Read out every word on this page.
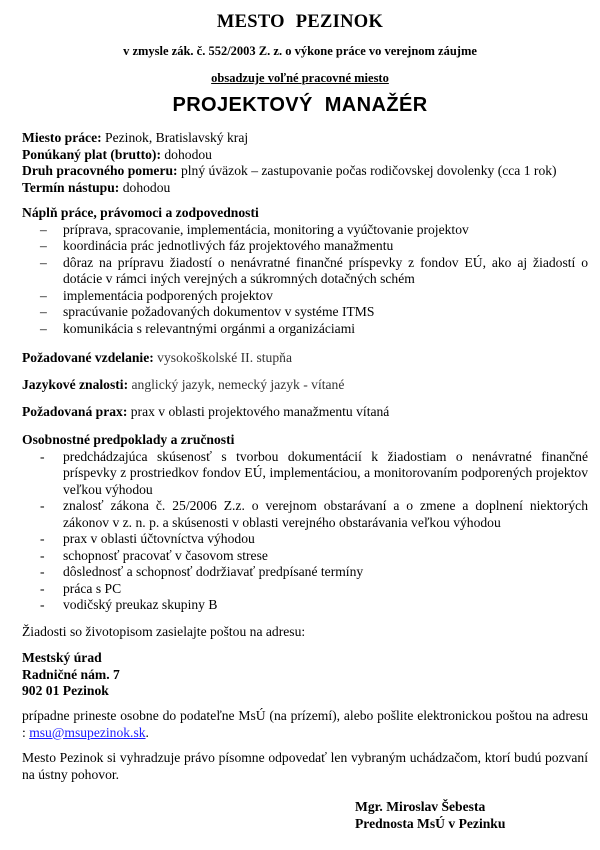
MESTO PEZINOK
v zmysle zák. č. 552/2003 Z. z. o výkone práce vo verejnom záujme
obsadzuje voľné pracovné miesto
PROJEKTOVÝ MANAŽÉR
Miesto práce: Pezinok, Bratislavský kraj
Ponúkaný plat (brutto): dohodou
Druh pracovného pomeru: plný úväzok – zastupovanie počas rodičovskej dovolenky (cca 1 rok)
Termín nástupu: dohodou
Náplň práce, právomoci a zodpovednosti
– príprava, spracovanie, implementácia, monitoring a vyúčtovanie projektov
– koordinácia prác jednotlivých fáz projektového manažmentu
– dôraz na prípravu žiadostí o nenávratné finančné príspevky z fondov EÚ, ako aj žiadostí o dotácie v rámci iných verejných a súkromných dotačných schém
– implementácia podporených projektov
– spracúvanie požadovaných dokumentov v systéme ITMS
– komunikácia s relevantnými orgánmi a organizáciami
Požadované vzdelanie: vysokoškolské II. stupňa
Jazykové znalosti: anglický jazyk, nemecký jazyk - vítané
Požadovaná prax: prax v oblasti projektového manažmentu vítaná
Osobnostné predpoklady a zručnosti
- predchádzajúca skúsenosť s tvorbou dokumentácií k žiadostiam o nenávratné finančné príspevky z prostriedkov fondov EÚ, implementáciou, a monitorovaním podporených projektov veľkou výhodou
- znalosť zákona č. 25/2006 Z.z. o verejnom obstarávaní a o zmene a doplnení niektorých zákonov v z. n. p. a skúsenosti v oblasti verejného obstarávania veľkou výhodou
- prax v oblasti účtovníctva výhodou
- schopnosť pracovať v časovom strese
- dôslednosť a schopnosť dodržiavať predpísané termíny
- práca s PC
- vodičský preukaz skupiny B
Žiadosti so životopisom zasielajte poštou na adresu:
Mestský úrad
Radničné nám. 7
902 01 Pezinok
prípadne prineste osobne do podateľne MsÚ (na prízemí), alebo pošlite elektronickou poštou na adresu : msu@msupezinok.sk.
Mesto Pezinok si vyhradzuje právo písomne odpovedať len vybraným uchádzačom, ktorí budú pozvaní na ústny pohovor.
Mgr. Miroslav Šebesta
Prednosta MsÚ v Pezinku
